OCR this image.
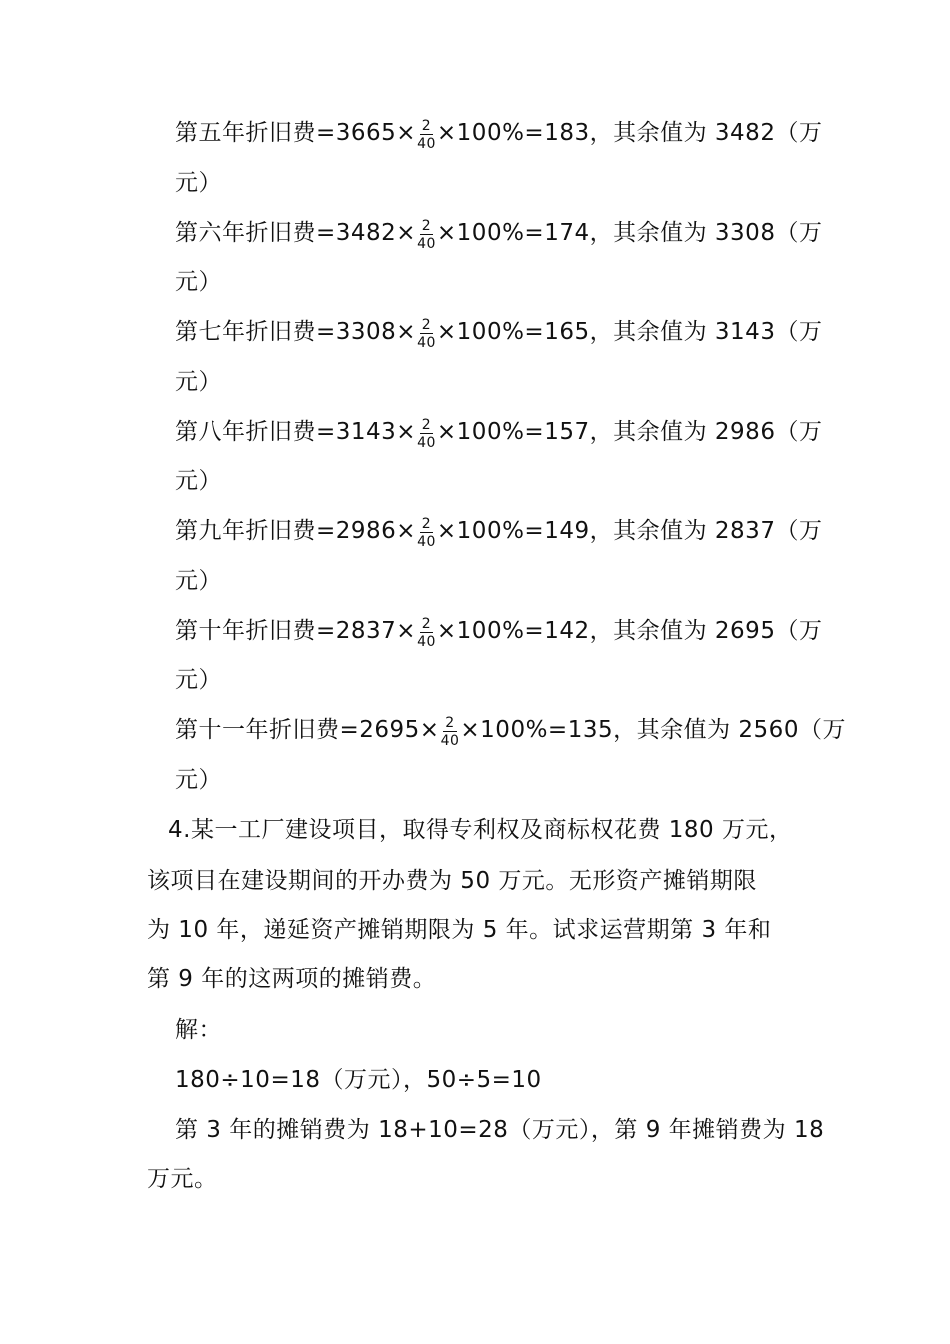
第五年折旧费$=3665\times \frac{2}{40} \times 100\%=183$，其余值为 3482（万
元）
第六年折旧费$=3482\times \frac{2}{40} \times 100\%=174$，其余值为 3308（万
元）
第七年折旧费$=3308\times \frac{2}{40} \times 100\%=165$，其余值为 3143（万
元）
第八年折旧费$=3143\times \frac{2}{40} \times 100\%=157$，其余值为 2986（万
元）
第九年折旧费$=2986\times \frac{2}{40} \times 100\%=149$，其余值为 2837（万
元）
第十年折旧费$=2837\times \frac{2}{40} \times 100\%=142$，其余值为 2695（万
元）
第十一年折旧费$=2695\times \frac{2}{40} \times 100\%=135$，其余值为 2560（万
元）
4.某一工厂建设项目，取得专利权及商标权花费 180 万元，
该项目在建设期间的开办费为 50 万元。无形资产摊销期限
为 10 年，递延资产摊销期限为 5 年。试求运营期第 3 年和
第 9 年的这两项的摊销费。
解：
180÷10=18（万元），50÷5=10
第 3 年的摊销费为 18+10=28（万元），第 9 年摊销费为 18
万元。
